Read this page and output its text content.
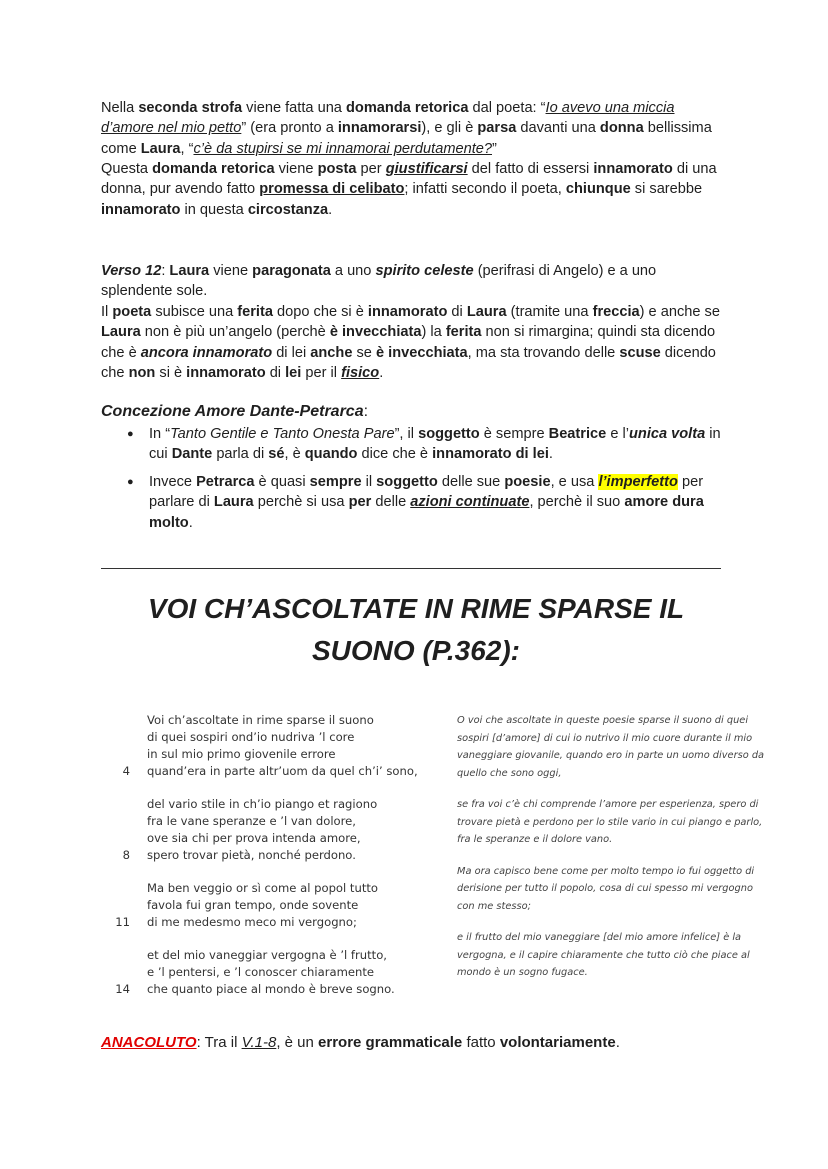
Nella seconda strofa viene fatta una domanda retorica dal poeta: “Io avevo una miccia d’amore nel mio petto” (era pronto a innamorarsi), e gli è parsa davanti una donna bellissima come Laura, “c’è da stupirsi se mi innamorai perdutamente?”

Questa domanda retorica viene posta per giustificarsi del fatto di essersi innamorato di una donna, pur avendo fatto promessa di celibato; infatti secondo il poeta, chiunque si sarebbe innamorato in questa circostanza.

Verso 12: Laura viene paragonata a uno spirito celeste (perifrasi di Angelo) e a uno splendente sole.

Il poeta subisce una ferita dopo che si è innamorato di Laura (tramite una freccia) e anche se Laura non è più un’angelo (perchè è invecchiata) la ferita non si rimargina; quindi sta dicendo che è ancora innamorato di lei anche se è invecchiata, ma sta trovando delle scuse dicendo che non si è innamorato di lei per il fisico.

Concezione Amore Dante-Petrarca:

● In “Tanto Gentile e Tanto Onesta Pare”, il soggetto è sempre Beatrice e l’unica volta in cui Dante parla di sé, è quando dice che è innamorato di lei.
● Invece Petrarca è quasi sempre il soggetto delle sue poesie, e usa l’imperfetto per parlare di Laura perchè si usa per delle azioni continuate, perchè il suo amore dura molto.
VOI CH’ASCOLTATE IN RIME SPARSE IL
SUONO (P.362):
Voi ch’ascoltate in rime sparse il suono
di quei sospiri ond’io nudriva ’l core
in sul mio primo giovenile errore
4 quand’era in parte altr’uom da quel ch’i’ sono,
del vario stile in ch’io piango et ragiono
fra le vane speranze e ’l van dolore,
ove sia chi per prova intenda amore,
8 spero trovar pietà, nonché perdono.
Ma ben veggio or sì come al popol tutto
favola fui gran tempo, onde sovente
11 di me medesmo meco mi vergogno;
et del mio vaneggiar vergogna è ’l frutto,
e ’l pentersi, e ’l conoscer chiaramente
14 che quanto piace al mondo è breve sogno.

O voi che ascoltate in queste poesie sparse il suono di quei sospiri [d’amore] di cui io nutrivo il mio cuore durante il mio vaneggiare giovanile, quando ero in parte un uomo diverso da quello che sono oggi,

se fra voi c’è chi comprende l’amore per esperienza, spero di trovare pietà e perdono per lo stile vario in cui piango e parlo, fra le speranze e il dolore vano.

Ma ora capisco bene come per molto tempo io fui oggetto di derisione per tutto il popolo, cosa di cui spesso mi vergogno con me stesso;

e il frutto del mio vaneggiare [del mio amore infelice] è la vergogna, e il capire chiaramente che tutto ciò che piace al mondo è un sogno fugace.

ANACOLUTO: Tra il V.1-8, è un errore grammaticale fatto volontariamente.
